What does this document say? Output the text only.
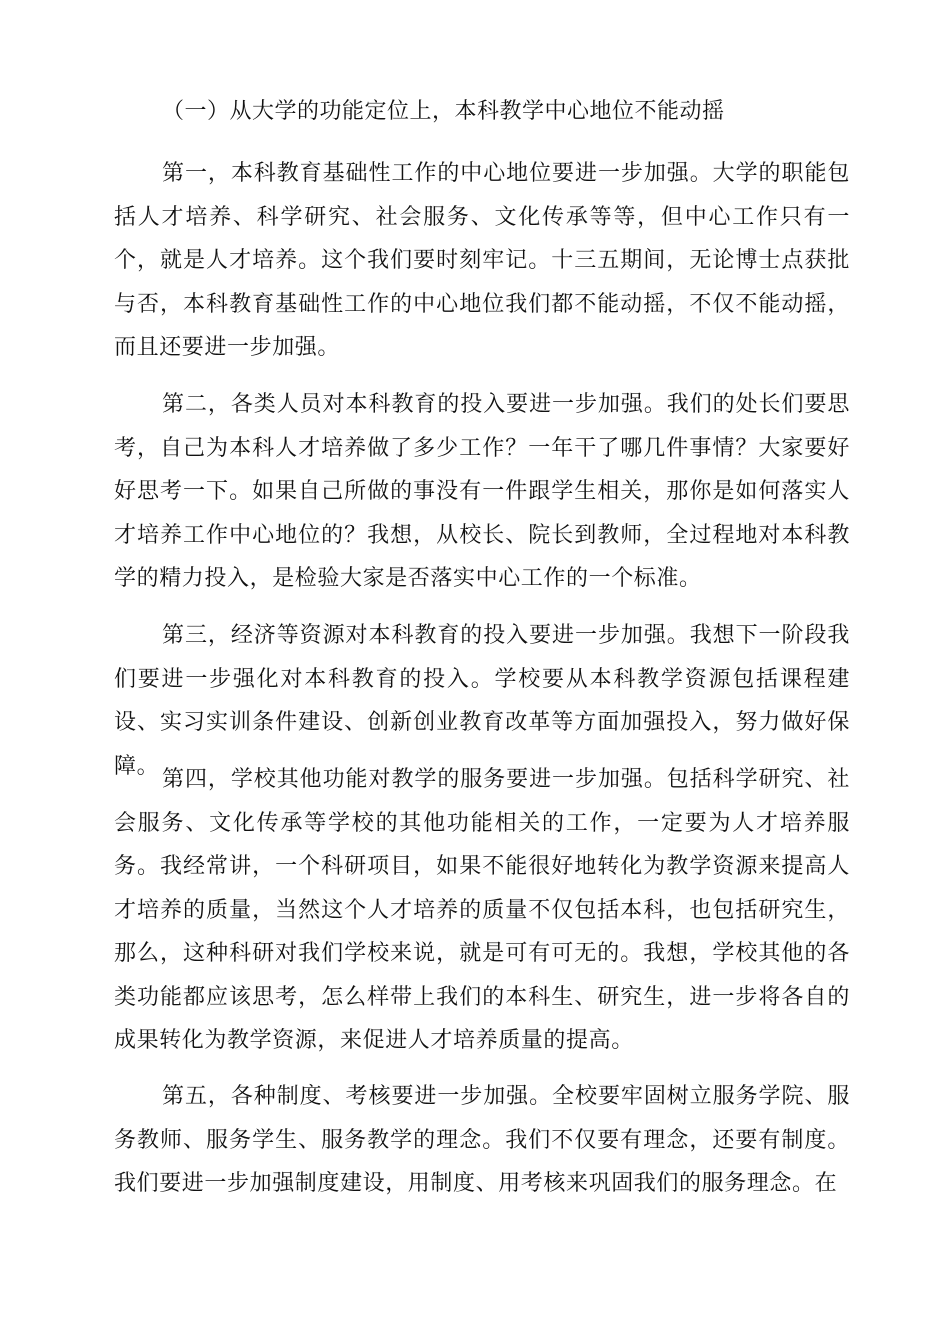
（一）从大学的功能定位上，本科教学中心地位不能动摇

第一，本科教育基础性工作的中心地位要进一步加强。大学的职能包括人才培养、科学研究、社会服务、文化传承等等，但中心工作只有一个，就是人才培养。这个我们要时刻牢记。十三五期间，无论博士点获批与否，本科教育基础性工作的中心地位我们都不能动摇，不仅不能动摇，而且还要进一步加强。

第二，各类人员对本科教育的投入要进一步加强。我们的处长们要思考，自己为本科人才培养做了多少工作？一年干了哪几件事情？大家要好好思考一下。如果自己所做的事没有一件跟学生相关，那你是如何落实人才培养工作中心地位的？我想，从校长、院长到教师，全过程地对本科教学的精力投入，是检验大家是否落实中心工作的一个标准。

第三，经济等资源对本科教育的投入要进一步加强。我想下一阶段我们要进一步强化对本科教育的投入。学校要从本科教学资源包括课程建设、实习实训条件建设、创新创业教育改革等方面加强投入，努力做好保障。

第四，学校其他功能对教学的服务要进一步加强。包括科学研究、社会服务、文化传承等学校的其他功能相关的工作，一定要为人才培养服务。我经常讲，一个科研项目，如果不能很好地转化为教学资源来提高人才培养的质量，当然这个人才培养的质量不仅包括本科，也包括研究生，那么，这种科研对我们学校来说，就是可有可无的。我想，学校其他的各类功能都应该思考，怎么样带上我们的本科生、研究生，进一步将各自的成果转化为教学资源，来促进人才培养质量的提高。

第五，各种制度、考核要进一步加强。全校要牢固树立服务学院、服务教师、服务学生、服务教学的理念。我们不仅要有理念，还要有制度。我们要进一步加强制度建设，用制度、用考核来巩固我们的服务理念。在
